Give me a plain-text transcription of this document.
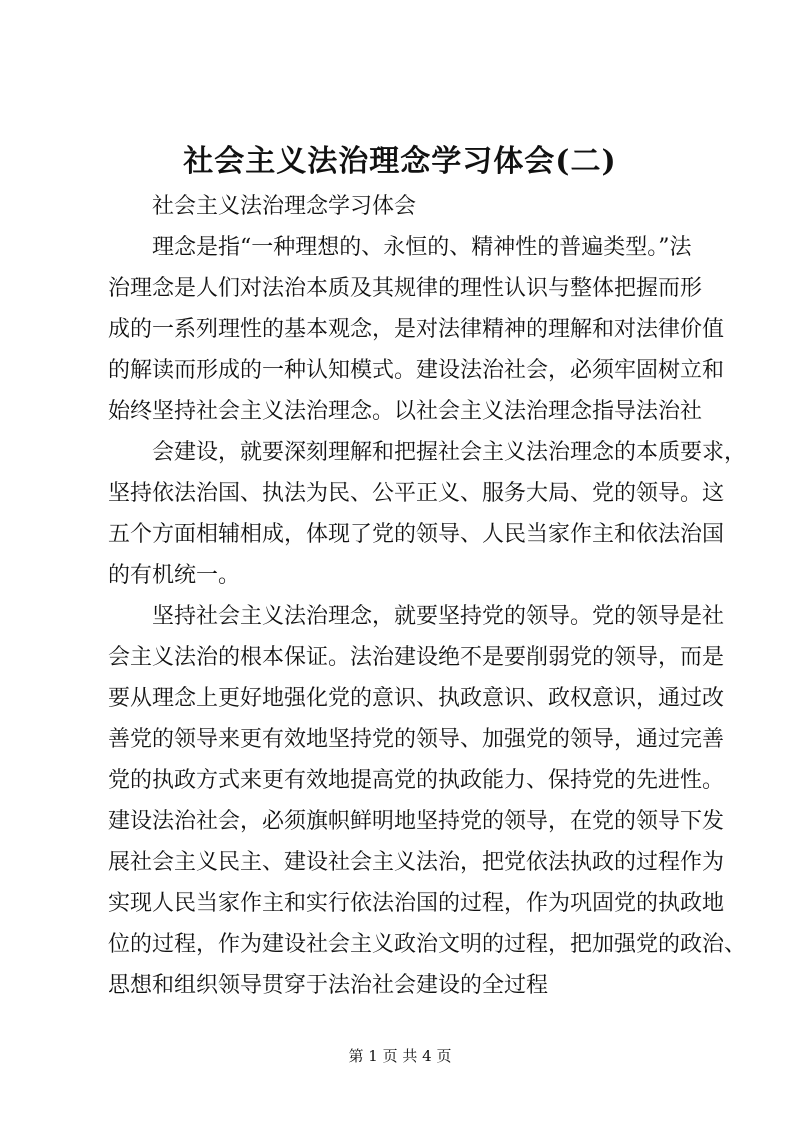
社会主义法治理念学习体会(二)

社会主义法治理念学习体会

理念是指“一种理想的、永恒的、精神性的普遍类型。”法

治理念是人们对法治本质及其规律的理性认识与整体把握而形

成的一系列理性的基本观念，是对法律精神的理解和对法律价值

的解读而形成的一种认知模式。建设法治社会，必须牢固树立和

始终坚持社会主义法治理念。以社会主义法治理念指导法治社

会建设，就要深刻理解和把握社会主义法治理念的本质要求，

坚持依法治国、执法为民、公平正义、服务大局、党的领导。这

五个方面相辅相成，体现了党的领导、人民当家作主和依法治国

的有机统一。

坚持社会主义法治理念，就要坚持党的领导。党的领导是社

会主义法治的根本保证。法治建设绝不是要削弱党的领导，而是

要从理念上更好地强化党的意识、执政意识、政权意识，通过改

善党的领导来更有效地坚持党的领导、加强党的领导，通过完善

党的执政方式来更有效地提高党的执政能力、保持党的先进性。

建设法治社会，必须旗帜鲜明地坚持党的领导，在党的领导下发

展社会主义民主、建设社会主义法治，把党依法执政的过程作为

实现人民当家作主和实行依法治国的过程，作为巩固党的执政地

位的过程，作为建设社会主义政治文明的过程，把加强党的政治、

思想和组织领导贯穿于法治社会建设的全过程

第 1 页 共 4 页
